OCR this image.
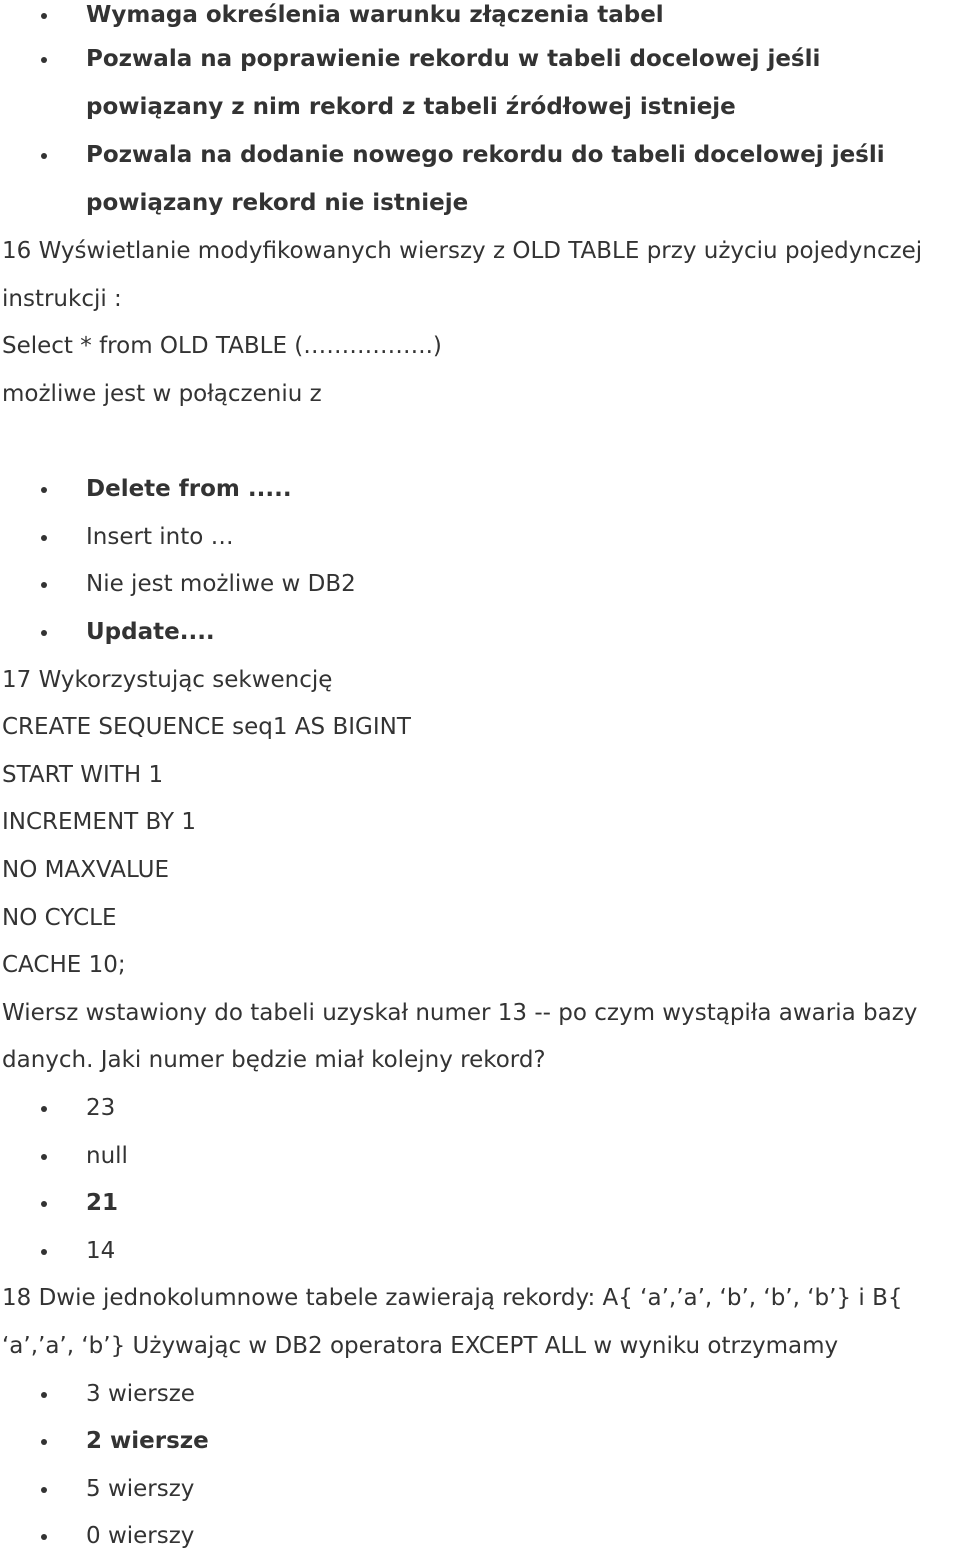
Wymaga określenia warunku złączenia tabel
Pozwala na poprawienie rekordu w tabeli docelowej jeśli
powiązany z nim rekord z tabeli źródłowej istnieje
Pozwala na dodanie nowego rekordu do tabeli docelowej jeśli
powiązany rekord nie istnieje
16 Wyświetlanie modyfikowanych wierszy z OLD TABLE przy użyciu pojedynczej
instrukcji :
Select * from OLD TABLE (……………..)
możliwe jest w połączeniu z
Delete from .....
Insert into …
Nie jest możliwe w DB2
Update....
17 Wykorzystując sekwencję
CREATE SEQUENCE seq1 AS BIGINT
START WITH 1
INCREMENT BY 1
NO MAXVALUE
NO CYCLE
CACHE 10;
Wiersz wstawiony do tabeli uzyskał numer 13 -- po czym wystąpiła awaria bazy
danych. Jaki numer będzie miał kolejny rekord?
23
null
21
14
18 Dwie jednokolumnowe tabele zawierają rekordy: A{ ‘a’,’a’, ‘b’, ‘b’, ‘b’} i B{
‘a’,’a’, ‘b’} Używając w DB2 operatora EXCEPT ALL w wyniku otrzymamy
3 wiersze
2 wiersze
5 wierszy
0 wierszy
